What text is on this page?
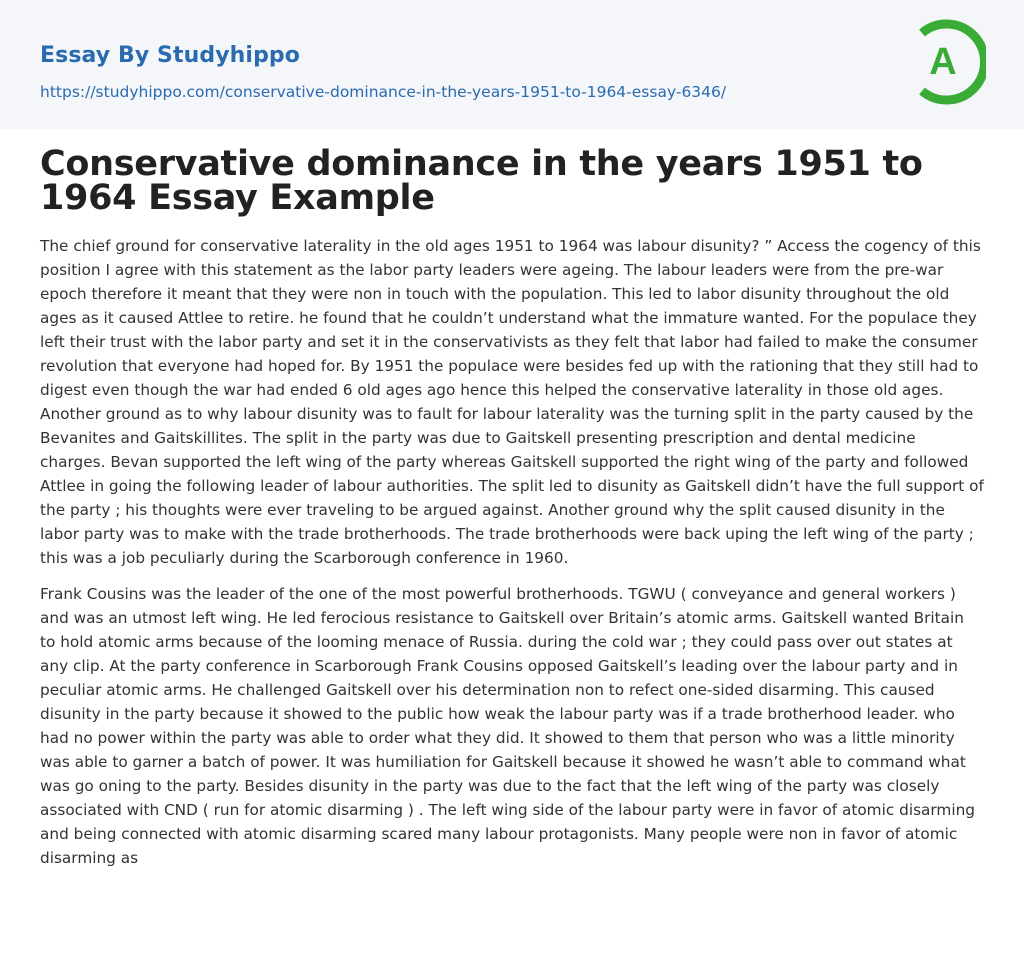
Essay By Studyhippo
https://studyhippo.com/conservative-dominance-in-the-years-1951-to-1964-essay-6346/
A
Conservative dominance in the years 1951 to 1964 Essay Example

The chief ground for conservative laterality in the old ages 1951 to 1964 was labour disunity? ” Access the cogency of this position I agree with this statement as the labor party leaders were ageing. The labour leaders were from the pre-war epoch therefore it meant that they were non in touch with the population. This led to labor disunity throughout the old ages as it caused Attlee to retire. he found that he couldn’t understand what the immature wanted. For the populace they left their trust with the labor party and set it in the conservativists as they felt that labor had failed to make the consumer revolution that everyone had hoped for. By 1951 the populace were besides fed up with the rationing that they still had to digest even though the war had ended 6 old ages ago hence this helped the conservative laterality in those old ages. Another ground as to why labour disunity was to fault for labour laterality was the turning split in the party caused by the Bevanites and Gaitskillites. The split in the party was due to Gaitskell presenting prescription and dental medicine charges. Bevan supported the left wing of the party whereas Gaitskell supported the right wing of the party and followed Attlee in going the following leader of labour authorities. The split led to disunity as Gaitskell didn’t have the full support of the party ; his thoughts were ever traveling to be argued against. Another ground why the split caused disunity in the labor party was to make with the trade brotherhoods. The trade brotherhoods were back uping the left wing of the party ; this was a job peculiarly during the Scarborough conference in 1960.

Frank Cousins was the leader of the one of the most powerful brotherhoods. TGWU ( conveyance and general workers ) and was an utmost left wing. He led ferocious resistance to Gaitskell over Britain’s atomic arms. Gaitskell wanted Britain to hold atomic arms because of the looming menace of Russia. during the cold war ; they could pass over out states at any clip. At the party conference in Scarborough Frank Cousins opposed Gaitskell’s leading over the labour party and in peculiar atomic arms. He challenged Gaitskell over his determination non to refect one-sided disarming. This caused disunity in the party because it showed to the public how weak the labour party was if a trade brotherhood leader. who had no power within the party was able to order what they did. It showed to them that person who was a little minority was able to garner a batch of power. It was humiliation for Gaitskell because it showed he wasn’t able to command what was go oning to the party. Besides disunity in the party was due to the fact that the left wing of the party was closely associated with CND ( run for atomic disarming ) . The left wing side of the labour party were in favor of atomic disarming and being connected with atomic disarming scared many labour protagonists. Many people were non in favor of atomic disarming as
